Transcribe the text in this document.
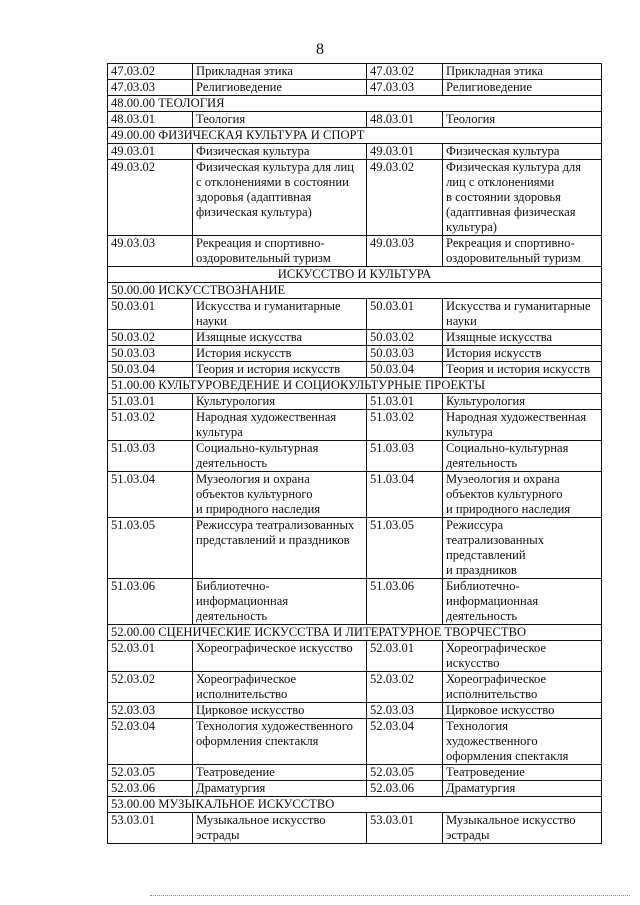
8
47.03.02	Прикладная этика	47.03.02	Прикладная этика
47.03.03	Религиоведение	47.03.03	Религиоведение
48.00.00 ТЕОЛОГИЯ			
48.03.01	Теология	48.03.01	Теология
49.00.00 ФИЗИЧЕСКАЯ КУЛЬТУРА И СПОРТ			
49.03.01	Физическая культура	49.03.01	Физическая культура
49.03.02	Физическая культура для лиц
с отклонениями в состоянии
здоровья (адаптивная
физическая культура)	49.03.02	Физическая культура для
лиц с отклонениями
в состоянии здоровья
(адаптивная физическая
культура)
49.03.03	Рекреация и спортивно-
оздоровительный туризм	49.03.03	Рекреация и спортивно-
оздоровительный туризм
ИСКУССТВО И КУЛЬТУРА			
50.00.00 ИСКУССТВОЗНАНИЕ			
50.03.01	Искусства и гуманитарные
науки	50.03.01	Искусства и гуманитарные
науки
50.03.02	Изящные искусства	50.03.02	Изящные искусства
50.03.03	История искусств	50.03.03	История искусств
50.03.04	Теория и история искусств	50.03.04	Теория и история искусств
51.00.00 КУЛЬТУРОВЕДЕНИЕ И СОЦИОКУЛЬТУРНЫЕ ПРОЕКТЫ			
51.03.01	Культурология	51.03.01	Культурология
51.03.02	Народная художественная
культура	51.03.02	Народная художественная
культура
51.03.03	Социально-культурная
деятельность	51.03.03	Социально-культурная
деятельность
51.03.04	Музеология и охрана
объектов культурного
и природного наследия	51.03.04	Музеология и охрана
объектов культурного
и природного наследия
51.03.05	Режиссура театрализованных
представлений и праздников	51.03.05	Режиссура
театрализованных
представлений
и праздников
51.03.06	Библиотечно-
информационная
деятельность	51.03.06	Библиотечно-
информационная
деятельность
52.00.00 СЦЕНИЧЕСКИЕ ИСКУССТВА И ЛИТЕРАТУРНОЕ ТВОРЧЕСТВО			
52.03.01	Хореографическое искусство	52.03.01	Хореографическое
искусство
52.03.02	Хореографическое
исполнительство	52.03.02	Хореографическое
исполнительство
52.03.03	Цирковое искусство	52.03.03	Цирковое искусство
52.03.04	Технология художественного
оформления спектакля	52.03.04	Технология
художественного
оформления спектакля
52.03.05	Театроведение	52.03.05	Театроведение
52.03.06	Драматургия	52.03.06	Драматургия
53.00.00 МУЗЫКАЛЬНОЕ ИСКУССТВО			
53.03.01	Музыкальное искусство
эстрады	53.03.01	Музыкальное искусство
эстрады
